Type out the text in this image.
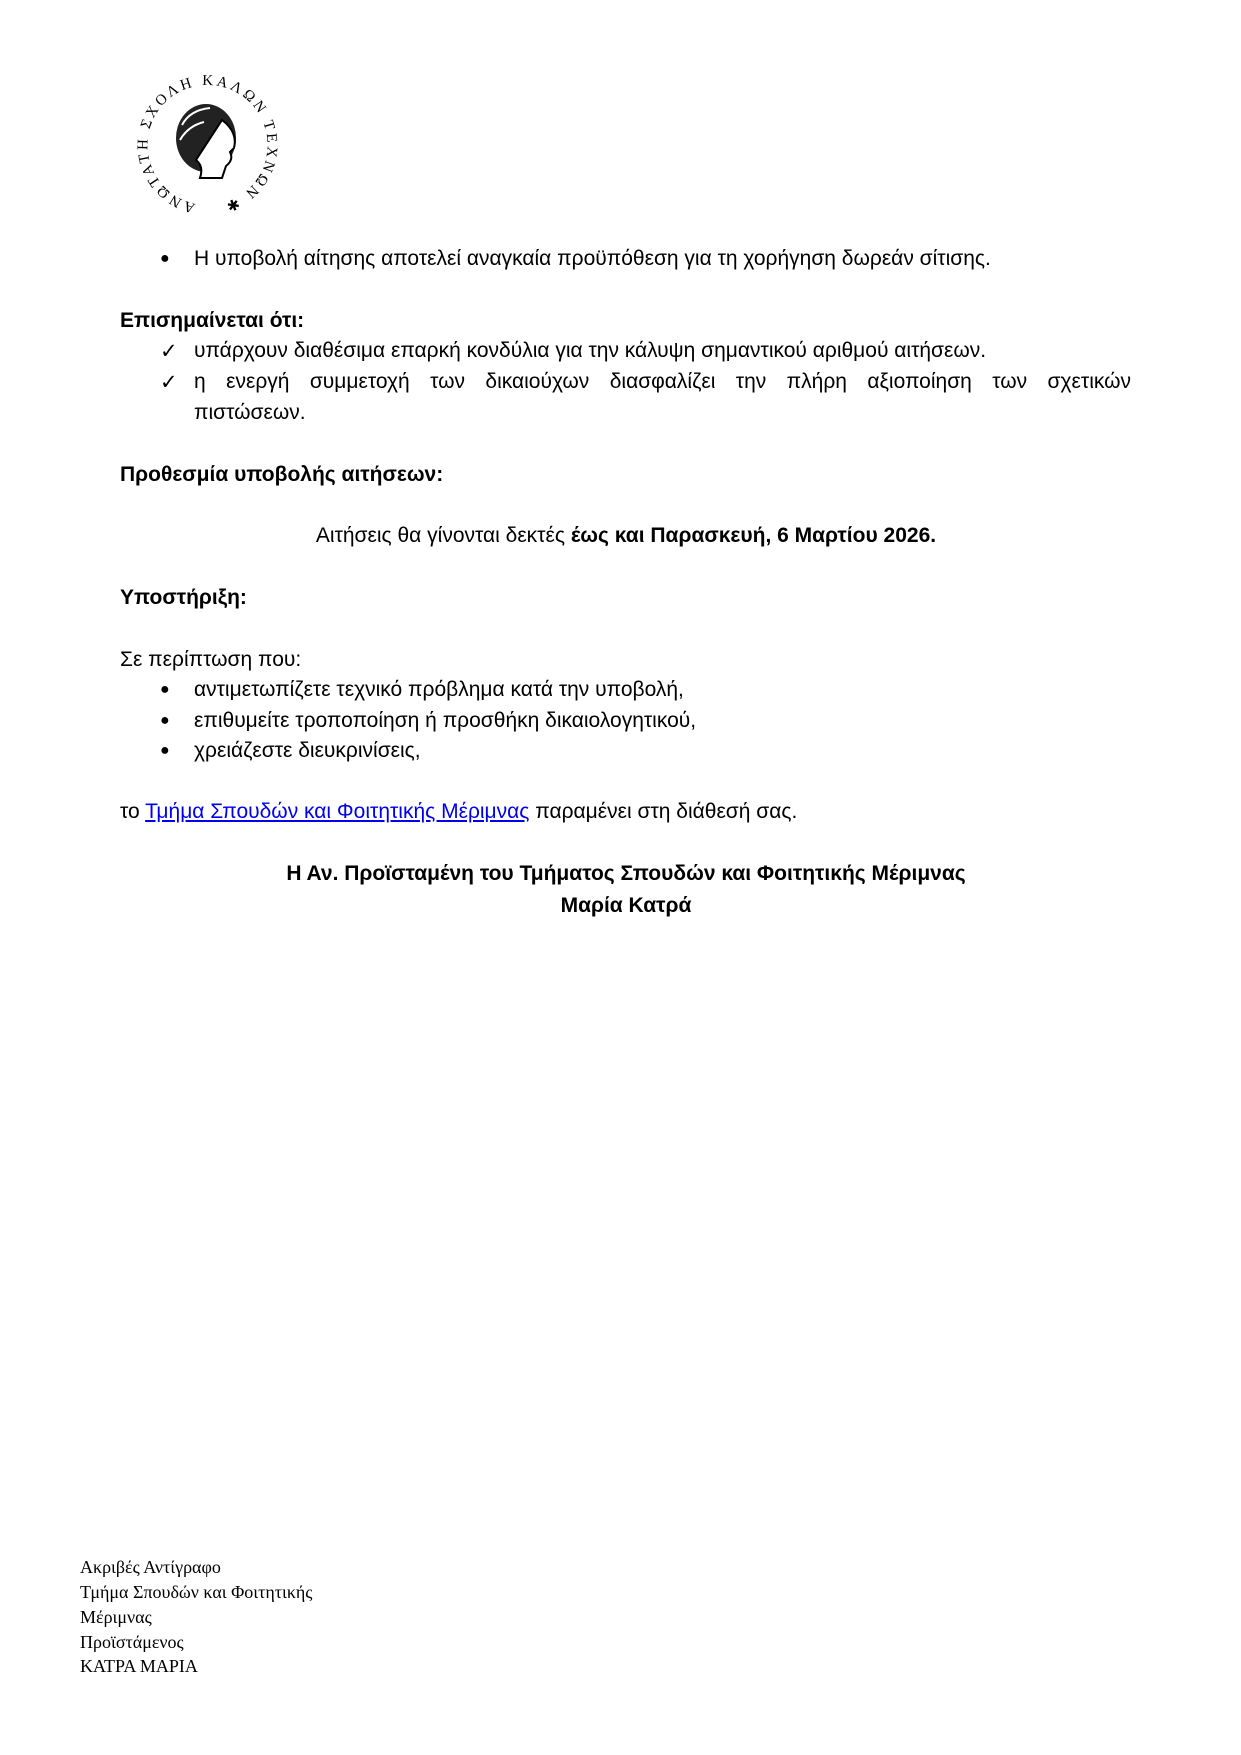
ΑΝΩΤΑΤΗ ΣΧΟΛΗ ΚΑΛΩΝ ΤΕΧΝΩΝ ✱
● Η υποβολή αίτησης αποτελεί αναγκαία προϋπόθεση για τη χορήγηση δωρεάν σίτισης.
Επισημαίνεται ότι:
✓ υπάρχουν διαθέσιμα επαρκή κονδύλια για την κάλυψη σημαντικού αριθμού αιτήσεων.
✓ η ενεργή συμμετοχή των δικαιούχων διασφαλίζει την πλήρη αξιοποίηση των σχετικών
πιστώσεων.
Προθεσμία υποβολής αιτήσεων:
Αιτήσεις θα γίνονται δεκτές έως και Παρασκευή, 6 Μαρτίου 2026.
Υποστήριξη:
Σε περίπτωση που:
● αντιμετωπίζετε τεχνικό πρόβλημα κατά την υποβολή,
● επιθυμείτε τροποποίηση ή προσθήκη δικαιολογητικού,
● χρειάζεστε διευκρινίσεις,
το Τμήμα Σπουδών και Φοιτητικής Μέριμνας παραμένει στη διάθεσή σας.
Η Αν. Προϊσταμένη του Τμήματος Σπουδών και Φοιτητικής Μέριμνας
Μαρία Κατρά
Ακριβές Αντίγραφο
Τμήμα Σπουδών και Φοιτητικής
Μέριμνας
Προϊστάμενος
ΚΑΤΡΑ ΜΑΡΙΑ
